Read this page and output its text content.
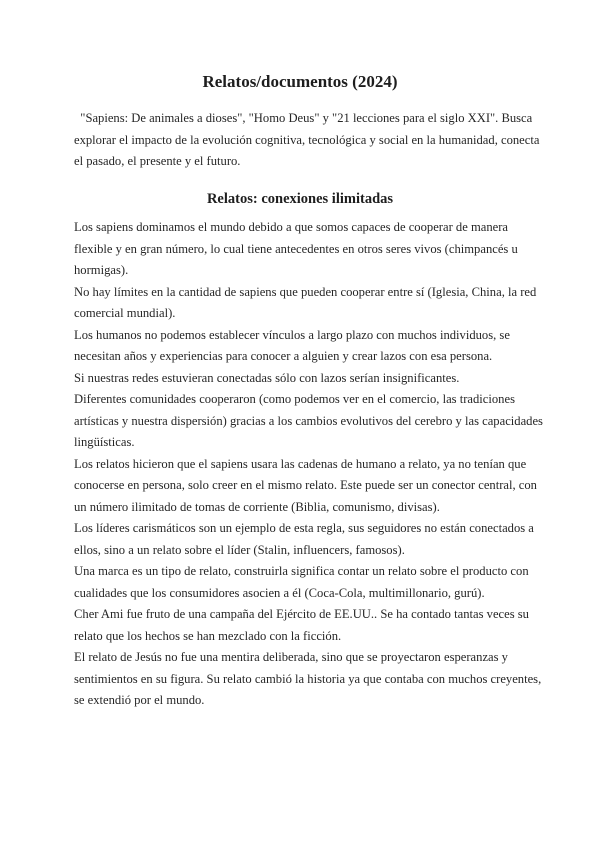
Relatos/documentos (2024)
"Sapiens: De animales a dioses", "Homo Deus" y "21 lecciones para el siglo XXI". Busca explorar el impacto de la evolución cognitiva, tecnológica y social en la humanidad, conecta el pasado, el presente y el futuro.
Relatos: conexiones ilimitadas

Los sapiens dominamos el mundo debido a que somos capaces de cooperar de manera flexible y en gran número, lo cual tiene antecedentes en otros seres vivos (chimpancés u hormigas).

No hay límites en la cantidad de sapiens que pueden cooperar entre sí (Iglesia, China, la red comercial mundial).

Los humanos no podemos establecer vínculos a largo plazo con muchos individuos, se necesitan años y experiencias para conocer a alguien y crear lazos con esa persona.

Si nuestras redes estuvieran conectadas sólo con lazos serían insignificantes.

Diferentes comunidades cooperaron (como podemos ver en el comercio, las tradiciones artísticas y nuestra dispersión) gracias a los cambios evolutivos del cerebro y las capacidades lingüísticas.

Los relatos hicieron que el sapiens usara las cadenas de humano a relato, ya no tenían que conocerse en persona, solo creer en el mismo relato. Este puede ser un conector central, con un número ilimitado de tomas de corriente (Biblia, comunismo, divisas).

Los líderes carismáticos son un ejemplo de esta regla, sus seguidores no están conectados a ellos, sino a un relato sobre el líder (Stalin, influencers, famosos).

Una marca es un tipo de relato, construirla significa contar un relato sobre el producto con cualidades que los consumidores asocien a él (Coca-Cola, multimillonario, gurú).

Cher Ami fue fruto de una campaña del Ejército de EE.UU.. Se ha contado tantas veces su relato que los hechos se han mezclado con la ficción.

El relato de Jesús no fue una mentira deliberada, sino que se proyectaron esperanzas y sentimientos en su figura. Su relato cambió la historia ya que contaba con muchos creyentes, se extendió por el mundo.
